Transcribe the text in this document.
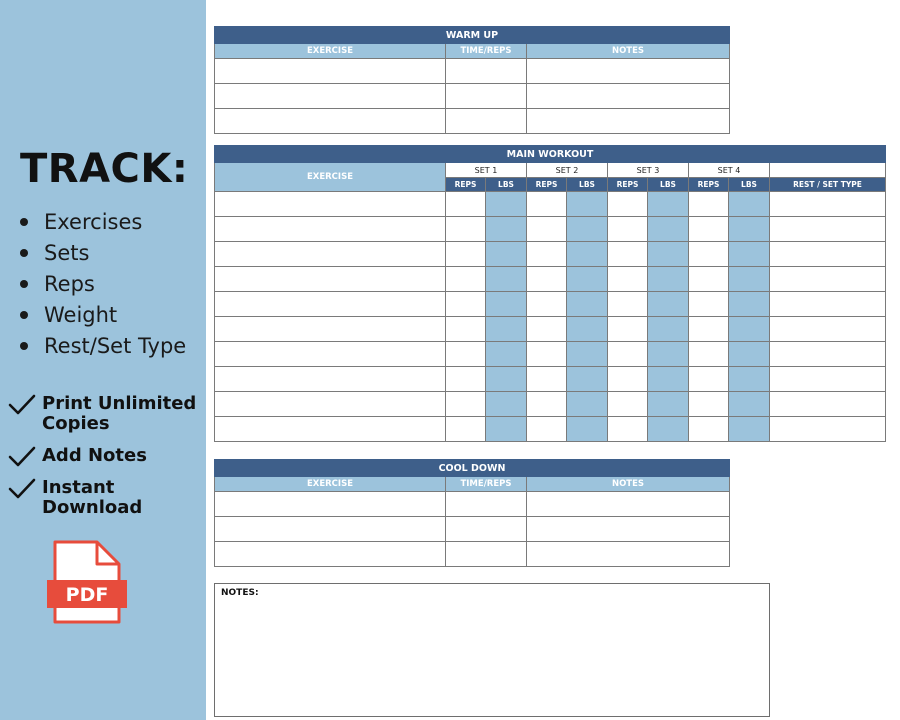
TRACK:
Exercises
Sets
Reps
Weight
Rest/Set Type
Print Unlimited
Copies
Add Notes
Instant
Download
PDF
WARM UP		
EXERCISE	TIME/REPS	NOTES

MAIN WORKOUT									
EXERCISE	SET 1		SET 2		SET 3		SET 4		
	REPS	LBS	REPS	LBS	REPS	LBS	REPS	LBS	REST / SET TYPE

COOL DOWN		
EXERCISE	TIME/REPS	NOTES

NOTES:
